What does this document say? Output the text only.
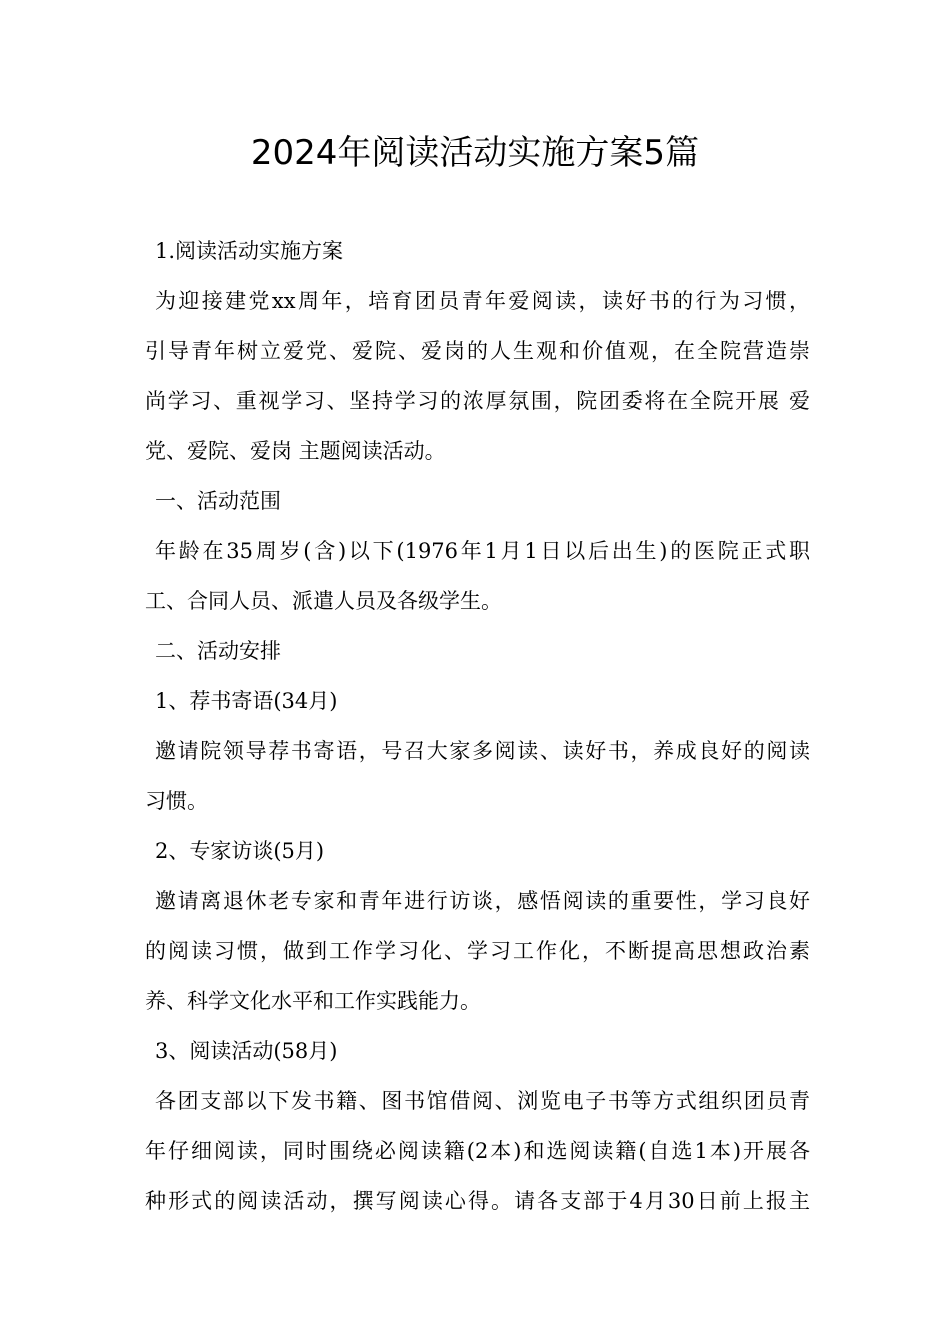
2024年阅读活动实施方案5篇
1.阅读活动实施方案
为迎接建党xx周年，培育团员青年爱阅读，读好书的行为习惯，
引导青年树立爱党、爱院、爱岗的人生观和价值观，在全院营造崇
尚学习、重视学习、坚持学习的浓厚氛围，院团委将在全院开展 爱
党、爱院、爱岗 主题阅读活动。
一、活动范围
年龄在35周岁(含)以下(1976年1月1日以后出生)的医院正式职
工、合同人员、派遣人员及各级学生。
二、活动安排
1、荐书寄语(34月)
邀请院领导荐书寄语，号召大家多阅读、读好书，养成良好的阅读
习惯。
2、专家访谈(5月)
邀请离退休老专家和青年进行访谈，感悟阅读的重要性，学习良好
的阅读习惯，做到工作学习化、学习工作化，不断提高思想政治素
养、科学文化水平和工作实践能力。
3、阅读活动(58月)
各团支部以下发书籍、图书馆借阅、浏览电子书等方式组织团员青
年仔细阅读，同时围绕必阅读籍(2本)和选阅读籍(自选1本)开展各
种形式的阅读活动，撰写阅读心得。请各支部于4月30日前上报主
